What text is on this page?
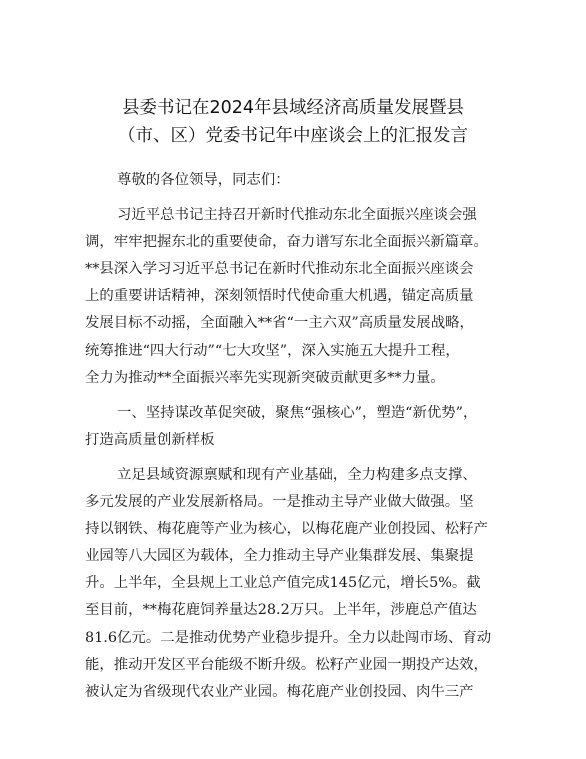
县委书记在2024年县域经济高质量发展暨县
（市、区）党委书记年中座谈会上的汇报发言

尊敬的各位领导，同志们：

习近平总书记主持召开新时代推动东北全面振兴座谈会强
调，牢牢把握东北的重要使命，奋力谱写东北全面振兴新篇章。
**县深入学习习近平总书记在新时代推动东北全面振兴座谈会
上的重要讲话精神，深刻领悟时代使命重大机遇，锚定高质量
发展目标不动摇，全面融入**省“一主六双”高质量发展战略，
统筹推进“四大行动”“七大攻坚”，深入实施五大提升工程，
全力为推动**全面振兴率先实现新突破贡献更多**力量。

一、坚持谋改革促突破，聚焦“强核心”，塑造“新优势”，
打造高质量创新样板

立足县域资源禀赋和现有产业基础，全力构建多点支撑、
多元发展的产业发展新格局。一是推动主导产业做大做强。坚
持以钢铁、梅花鹿等产业为核心，以梅花鹿产业创投园、松籽产
业园等八大园区为载体，全力推动主导产业集群发展、集聚提
升。上半年，全县规上工业总产值完成145亿元，增长5%。截
至目前，**梅花鹿饲养量达28.2万只。上半年，涉鹿总产值达
81.6亿元。二是推动优势产业稳步提升。全力以赴闯市场、育动
能，推动开发区平台能级不断升级。松籽产业园一期投产达效，
被认定为省级现代农业产业园。梅花鹿产业创投园、肉牛三产
